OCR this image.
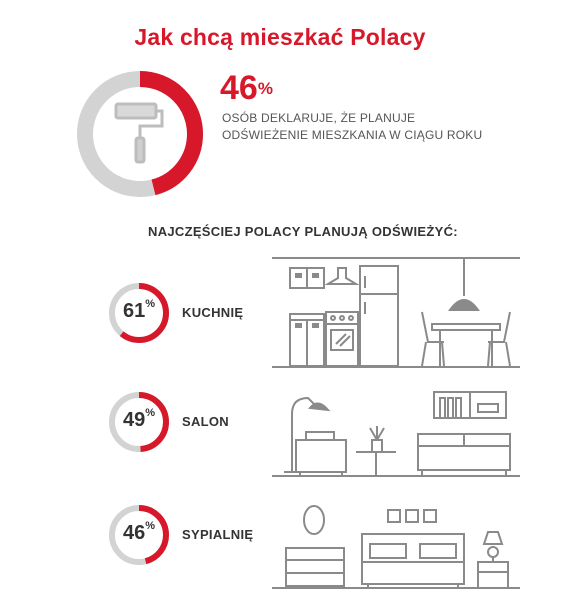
Jak chcą mieszkać Polacy
46%
OSÓB DEKLARUJE, ŻE PLANUJE
ODŚWIEŻENIE MIESZKANIA W CIĄGU ROKU
NAJCZĘŚCIEJ POLACY PLANUJĄ ODŚWIEŻYĆ:
61%
KUCHNIĘ
49%
SALON
46%
SYPIALNIĘ
